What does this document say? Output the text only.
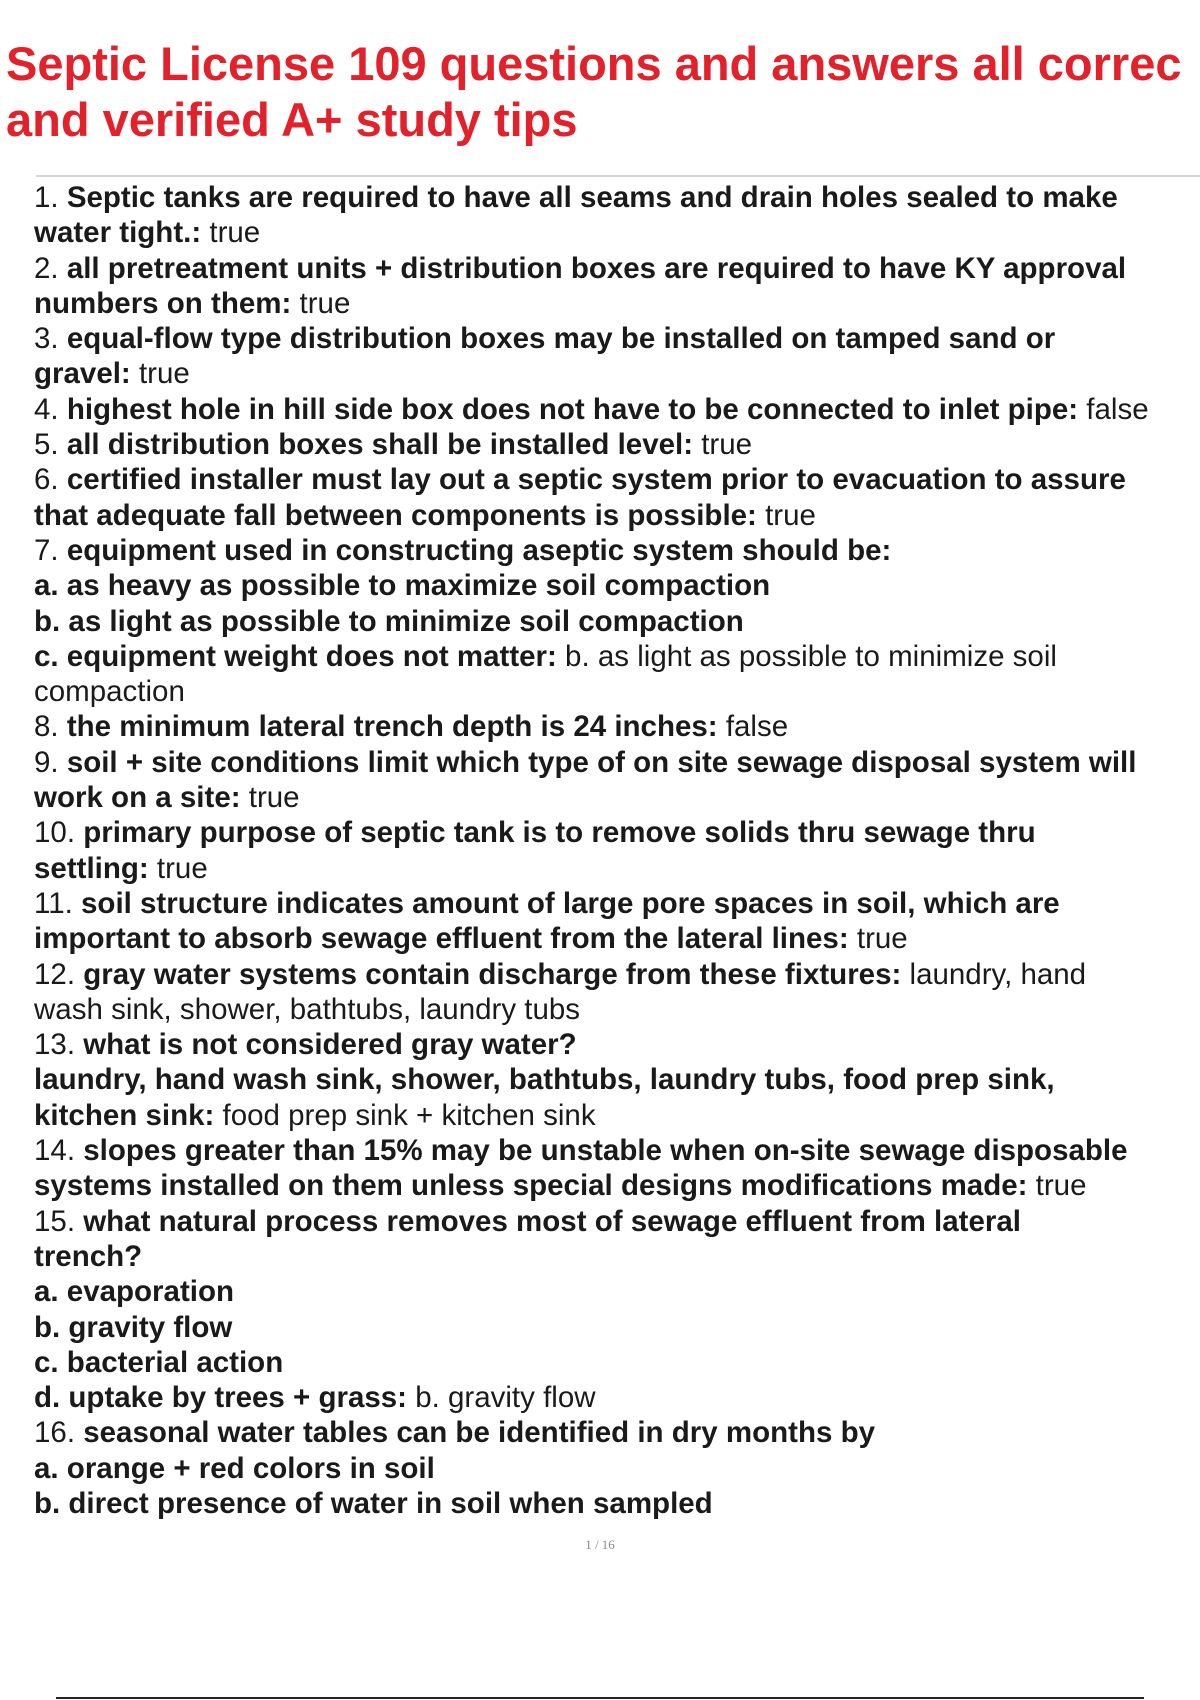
Septic License 109 questions and answers all correc
and verified A+ study tips
1. Septic tanks are required to have all seams and drain holes sealed to make
water tight.: true
2. all pretreatment units + distribution boxes are required to have KY approval
numbers on them: true
3. equal-flow type distribution boxes may be installed on tamped sand or
gravel: true
4. highest hole in hill side box does not have to be connected to inlet pipe: false
5. all distribution boxes shall be installed level: true
6. certified installer must lay out a septic system prior to evacuation to assure
that adequate fall between components is possible: true
7. equipment used in constructing aseptic system should be:
a. as heavy as possible to maximize soil compaction
b. as light as possible to minimize soil compaction
c. equipment weight does not matter: b. as light as possible to minimize soil
compaction
8. the minimum lateral trench depth is 24 inches: false
9. soil + site conditions limit which type of on site sewage disposal system will
work on a site: true
10. primary purpose of septic tank is to remove solids thru sewage thru
settling: true
11. soil structure indicates amount of large pore spaces in soil, which are
important to absorb sewage effluent from the lateral lines: true
12. gray water systems contain discharge from these fixtures: laundry, hand
wash sink, shower, bathtubs, laundry tubs
13. what is not considered gray water?
laundry, hand wash sink, shower, bathtubs, laundry tubs, food prep sink,
kitchen sink: food prep sink + kitchen sink
14. slopes greater than 15% may be unstable when on-site sewage disposable
systems installed on them unless special designs modifications made: true
15. what natural process removes most of sewage effluent from lateral
trench?
a. evaporation
b. gravity flow
c. bacterial action
d. uptake by trees + grass: b. gravity flow
16. seasonal water tables can be identified in dry months by
a. orange + red colors in soil
b. direct presence of water in soil when sampled
1 / 16
